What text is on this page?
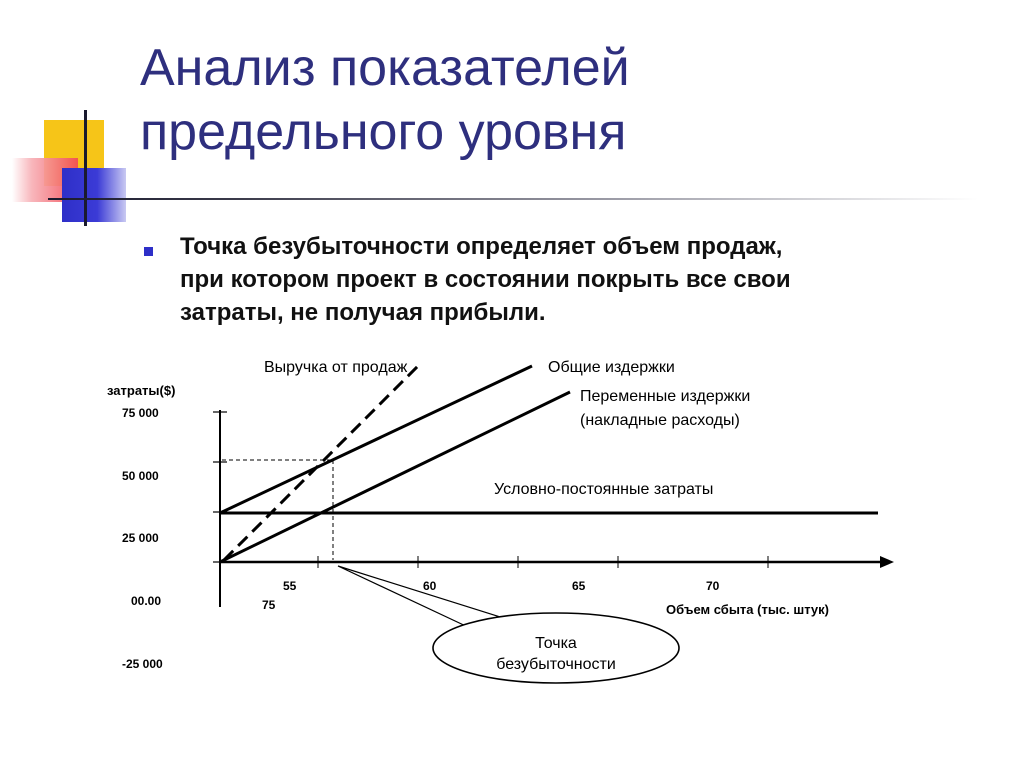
Анализ показателей
предельного уровня

Точка безубыточности определяет объем продаж,
при котором проект в состоянии покрыть все свои
затраты, не получая прибыли.

Точка
безубыточности
Выручка от продаж	Общие издержки
Переменные издержки
(накладные расходы)
Условно-постоянные затраты
затраты($)
75 000
50 000
25 000
00.00
-25 000
55	60	65	70
75	Объем сбыта (тыс. штук)
